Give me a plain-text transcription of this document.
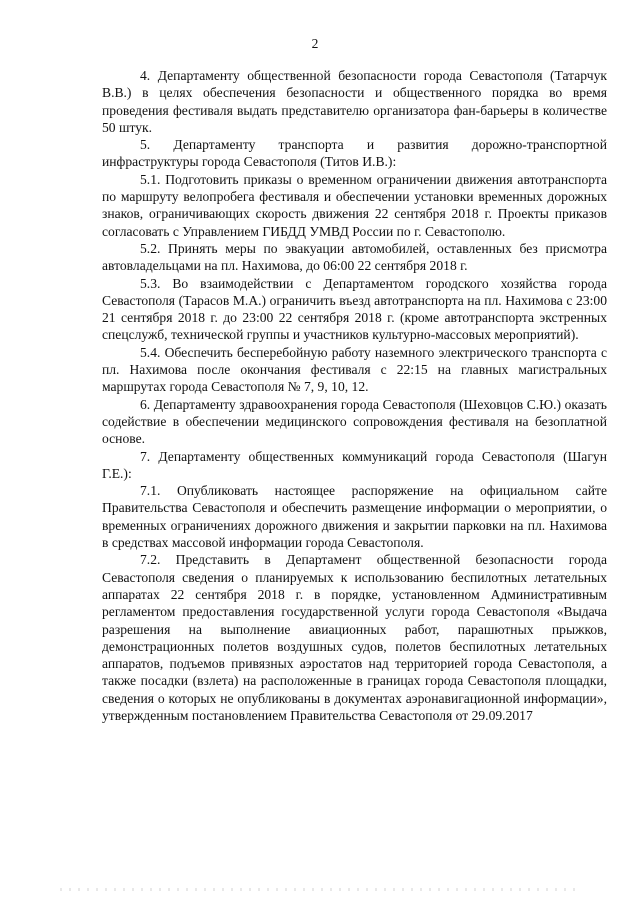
2

4. Департаменту общественной безопасности города Севастополя (Татарчук В.В.) в целях обеспечения безопасности и общественного порядка во время проведения фестиваля выдать представителю организатора фан-барьеры в количестве 50 штук.

5. Департаменту транспорта и развития дорожно-транспортной инфраструктуры города Севастополя (Титов И.В.):

5.1. Подготовить приказы о временном ограничении движения автотранспорта по маршруту велопробега фестиваля и обеспечении установки временных дорожных знаков, ограничивающих скорость движения 22 сентября 2018 г. Проекты приказов согласовать с Управлением ГИБДД УМВД России по г. Севастополю.

5.2. Принять меры по эвакуации автомобилей, оставленных без присмотра автовладельцами на пл. Нахимова, до 06:00 22 сентября 2018 г.

5.3. Во взаимодействии с Департаментом городского хозяйства города Севастополя (Тарасов М.А.) ограничить въезд автотранспорта на пл. Нахимова с 23:00 21 сентября 2018 г. до 23:00 22 сентября 2018 г. (кроме автотранспорта экстренных спецслужб, технической группы и участников культурно-массовых мероприятий).

5.4. Обеспечить бесперебойную работу наземного электрического транспорта с пл. Нахимова после окончания фестиваля с 22:15 на главных магистральных маршрутах города Севастополя № 7, 9, 10, 12.

6. Департаменту здравоохранения города Севастополя (Шеховцов С.Ю.) оказать содействие в обеспечении медицинского сопровождения фестиваля на безоплатной основе.

7. Департаменту общественных коммуникаций города Севастополя (Шагун Г.Е.):

7.1. Опубликовать настоящее распоряжение на официальном сайте Правительства Севастополя и обеспечить размещение информации о мероприятии, о временных ограничениях дорожного движения и закрытии парковки на пл. Нахимова в средствах массовой информации города Севастополя.

7.2. Представить в Департамент общественной безопасности города Севастополя сведения о планируемых к использованию беспилотных летательных аппаратах 22 сентября 2018 г. в порядке, установленном Административным регламентом предоставления государственной услуги города Севастополя «Выдача разрешения на выполнение авиационных работ, парашютных прыжков, демонстрационных полетов воздушных судов, полетов беспилотных летательных аппаратов, подъемов привязных аэростатов над территорией города Севастополя, а также посадки (взлета) на расположенные в границах города Севастополя площадки, сведения о которых не опубликованы в документах аэронавигационной информации», утвержденным постановлением Правительства Севастополя от 29.09.2017
